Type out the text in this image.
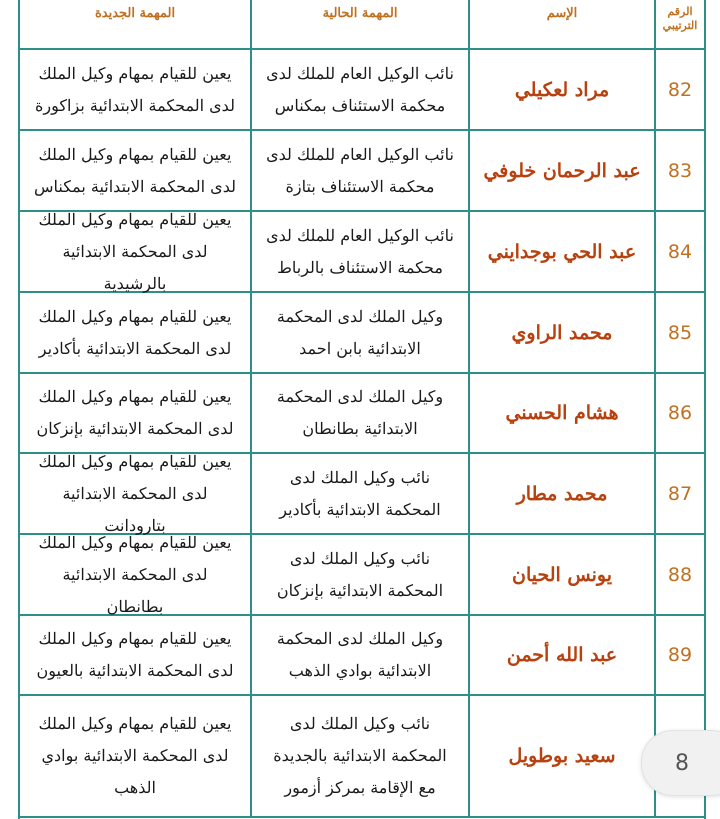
الرقم الترتيبي
الإسم
المهمة الحالية
المهمة الجديدة
82
مراد لعكيلي
نائب الوكيل العام للملك لدى محكمة الاستئناف بمكناس
يعين للقيام بمهام وكيل الملك لدى المحكمة الابتدائية بزاكورة
83
عبد الرحمان خلوفي
نائب الوكيل العام للملك لدى محكمة الاستئناف بتازة
يعين للقيام بمهام وكيل الملك لدى المحكمة الابتدائية بمكناس
84
عبد الحي بوجدايني
نائب الوكيل العام للملك لدى محكمة الاستئناف بالرباط
يعين للقيام بمهام وكيل الملك لدى المحكمة الابتدائية بالرشيدية
85
محمد الراوي
وكيل الملك لدى المحكمة الابتدائية بابن احمد
يعين للقيام بمهام وكيل الملك لدى المحكمة الابتدائية بأكادير
86
هشام الحسني
وكيل الملك لدى المحكمة الابتدائية بطانطان
يعين للقيام بمهام وكيل الملك لدى المحكمة الابتدائية بإنزكان
87
محمد مطار
نائب وكيل الملك لدى المحكمة الابتدائية بأكادير
يعين للقيام بمهام وكيل الملك لدى المحكمة الابتدائية بتارودانت
88
يونس الحيان
نائب وكيل الملك لدى المحكمة الابتدائية بإنزكان
يعين للقيام بمهام وكيل الملك لدى المحكمة الابتدائية بطانطان
89
عبد الله أحمن
وكيل الملك لدى المحكمة الابتدائية بوادي الذهب
يعين للقيام بمهام وكيل الملك لدى المحكمة الابتدائية بالعيون
سعيد بوطويل
نائب وكيل الملك لدى المحكمة الابتدائية بالجديدة مع الإقامة بمركز أزمور
يعين للقيام بمهام وكيل الملك لدى المحكمة الابتدائية بوادي الذهب
8
